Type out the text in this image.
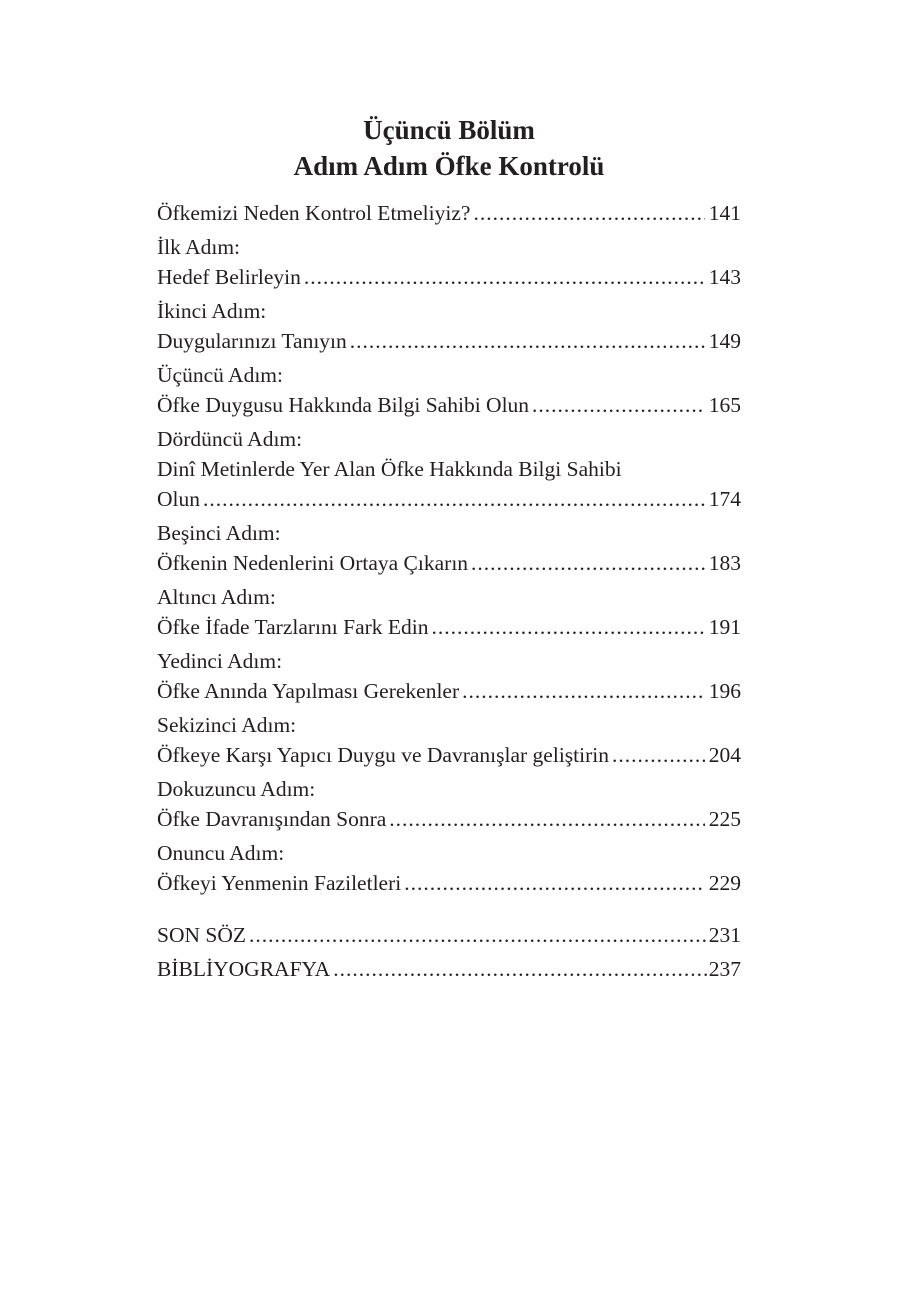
Üçüncü Bölüm
Adım Adım Öfke Kontrolü
Öfkemizi Neden Kontrol Etmeliyiz? .....	141
İlk Adım:
Hedef Belirleyin .....	143
İkinci Adım:
Duygularınızı Tanıyın .....	149
Üçüncü Adım:
Öfke Duygusu Hakkında Bilgi Sahibi Olun .....	165
Dördüncü Adım:
Dinî Metinlerde Yer Alan Öfke Hakkında Bilgi Sahibi
Olun .....	174
Beşinci Adım:
Öfkenin Nedenlerini Ortaya Çıkarın .....	183
Altıncı Adım:
Öfke İfade Tarzlarını Fark Edin .....	191
Yedinci Adım:
Öfke Anında Yapılması Gerekenler .....	196
Sekizinci Adım:
Öfkeye Karşı Yapıcı Duygu ve Davranışlar geliştirin .....	204
Dokuzuncu Adım:
Öfke Davranışından Sonra .....	225
Onuncu Adım:
Öfkeyi Yenmenin Faziletleri .....	229
SON SÖZ .....	231
BİBLİYOGRAFYA .....	237
